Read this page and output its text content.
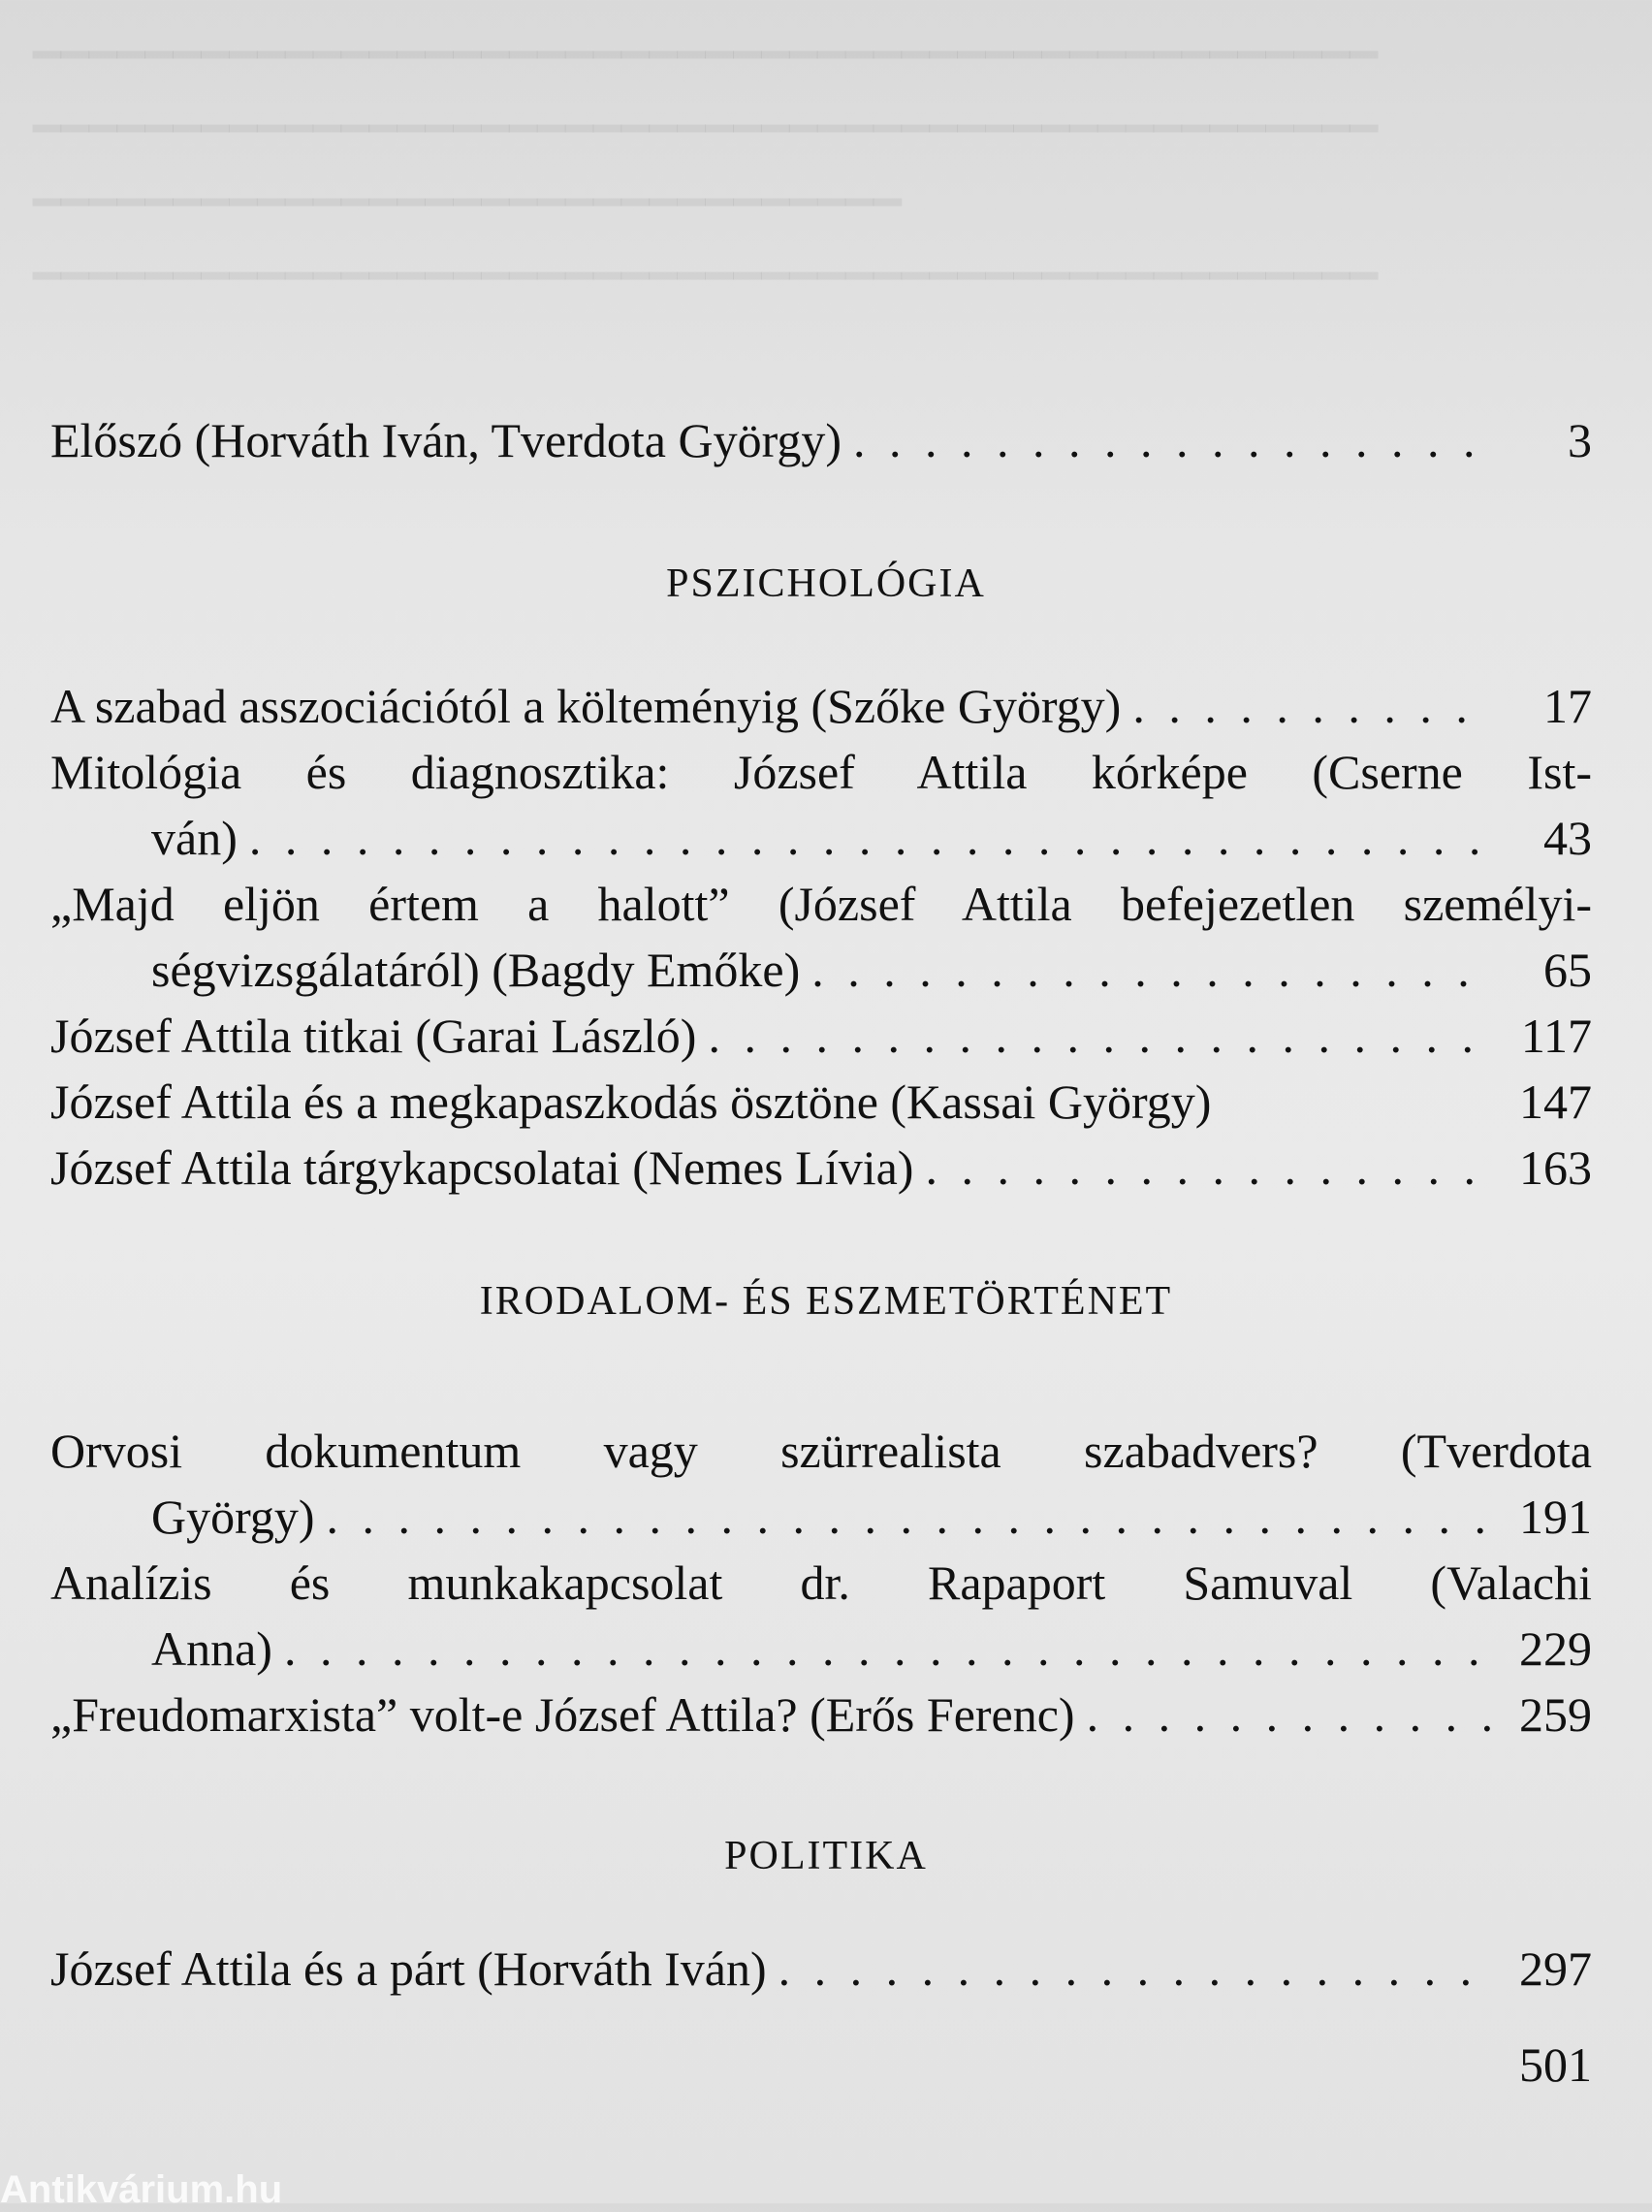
━━━━━━━━━━━━━━━━━━━━━━━━━━━━━━━━━━━━━━━━━━━━━━━━
━━━━━━━━━━━━━━━━━━━━━━━━━━━━━━━━━━━━━━━━━━━━━━━━
━━━━━━━━━━━━━━━━━━━━━━━━━━━━━━━
━━━━━━━━━━━━━━━━━━━━━━━━━━━━━━━━━━━━━━━━━━━━━━━━
Előszó (Horváth Iván, Tverdota György) . . .	3
PSZICHOLÓGIA
A szabad asszociációtól a költeményig (Szőke György) . . .	17
Mitológia és diagnosztika: József Attila kórképe (Cserne Ist-
ván) . . .	43
„Majd eljön értem a halott” (József Attila befejezetlen személyi-
ségvizsgálatáról) (Bagdy Emőke) . . .	65
József Attila titkai (Garai László) . . .	117
József Attila és a megkapaszkodás ösztöne (Kassai György)	147
József Attila tárgykapcsolatai (Nemes Lívia) . . .	163
IRODALOM- ÉS ESZMETÖRTÉNET
Orvosi dokumentum vagy szürrealista szabadvers? (Tverdota
György) . . .	191
Analízis és munkakapcsolat dr. Rapaport Samuval (Valachi
Anna) . . .	229
„Freudomarxista” volt-e József Attila? (Erős Ferenc) . . .	259
POLITIKA
József Attila és a párt (Horváth Iván) . . .	297
501
Antikvárium.hu
